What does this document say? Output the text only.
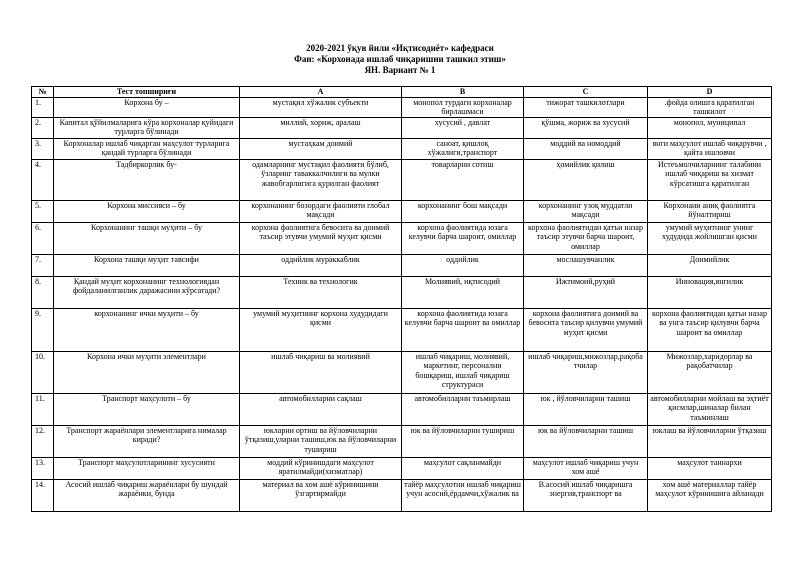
2020-2021 ўқув йили «Иқтисодиёт» кафедраси
Фан: «Корхонада ишлаб чиқаришни ташкил этиш»
ЯН. Вариант № 1
№	Тест топшириғи	A	B	C	D
1.	Корхона бу –	мустақил хўжалик субъекти	монопол турдаги корхоналар бирлашмаси	тижорат ташкилотлари	.фойда олишга қаратилган ташкилот
2.	Капитал қўйилмаларига кўра корхоналар қуйидаги турларга бўлинади	миллий, хориж, аралаш	хусусий , давлат	қўшма, жориж ва хусусий	монопол, муниципал
3.	Корхоналар ишлаб чиқарган маҳсулот турларига қандай турларга бўлинади	мустаҳкам доимий	саноат, қишлоқ хўжалиги,транспорт	моддий ва номоддий	янги маҳсулот ишлаб чиқарувчи , қайта ишловчи
4.	Тадбиркорлик бу-	одамларнинг мустақил фаолияти бўлиб, ўзларинг таваккалчилиги ва мулки жавобгарлигига қурилган фаолият	товарларни сотиш	ҳомийлик қилиш	Истеъмолчиларнинг талабини ишлаб чиқариш ва хизмат кўрсатишга қаратилган
5.	Корхона миссияси – бу	корхонанинг бозордаги фаолияти глобал мақсади	корхонанинг бош мақсади	корхонанинг узоқ муддатли мақсади	Корхонани аниқ фаолиятга йўналтириш
6.	Корхонанинг ташқи муҳити – бу	корхона фаолиятига бевосита ва доимий таъсир этувчи умумий муҳит қисми	корхона фаолиятида юзага келувчи барча шароит, омиллар	корхона фаолиятидан қатъи назар таъсир этувчи барча шароит, омиллар	умумий муҳитнинг унинг худудида жойлишган қисми
7.	Корхона ташқи муҳит тавсифи	оддийлик мураккаблик	оддийлик	мослашувчанлик	Доимийлик
8.	Қандай муҳит корхонанинг технологиядан фойдаланилганлик даражасини кўрсатади?	Техник ва технологик	Молиявий, иқтисодий	Ижтимоий,руҳий	Инновация,янгилик
9.	корхонанинг ички муҳити – бу	умумий муҳитнинг корхона худудидаги қисми	корхона фаолиятида юзага келувчи барча шароит ва омиллар	корхона фаолиятига доимий ва бевосита таъсир қилувчи умумий муҳит қисми	корхона фаолиятидан қатъи назар ва унга таъсир қилувчи барча шароит ва омиллар
10.	Корхона ички муҳити элементлари	ишлаб чиқариш ва молиявий	ишлаб чиқариш, молиявий, маркетинг, персонални бошқариш, ишлаб чиқариш структураси	ишлаб чиқариш,мижозлар,рақоба тчилар	Мижозлар,харидорлар ва рақобатчилар
11.	Транспорт маҳсулоти – бу	автомобилларни сақлаш	автомобилларни таъмирлаш	юк , йўловчиларни ташиш	автомобилларни мойлаш ва эҳтиёт қисмлар,шиналар билан таъминлаш
12.	Транспорт жараёнлари элементларига нималар киради?	юкларни ортиш ва йўловчиларни ўтқазиш,уларни ташиш,юк ва йўловчиларни тушириш	юк ва йўловчиларни тушириш	юк ва йўловчиларни ташиш	юклаш ва йўловчиларни ўтқазиш
13.	Транспорт маҳсулотларининг хусусияти	моддий кўринишдаги маҳсулот яратилмайди(хизматлар)	маҳсулот сақланмайди	маҳсулот ишлаб чиқариш учун хом ашё	маҳсулот таннархи
14.	Асосий ишлаб чиқариш жараёнлари бу шундай жараёнки, бунда	материал ва хом ашё кўринишини ўзгартирмайди	тайёр маҳсулотни ишлаб чиқариш учун асосий,ёрдамчи,хўжалик ва	В.асосий ишлаб чиқаришга энергия,транспорт ва	хом ашё материаллар тайёр маҳсулот кўринишига айланади
